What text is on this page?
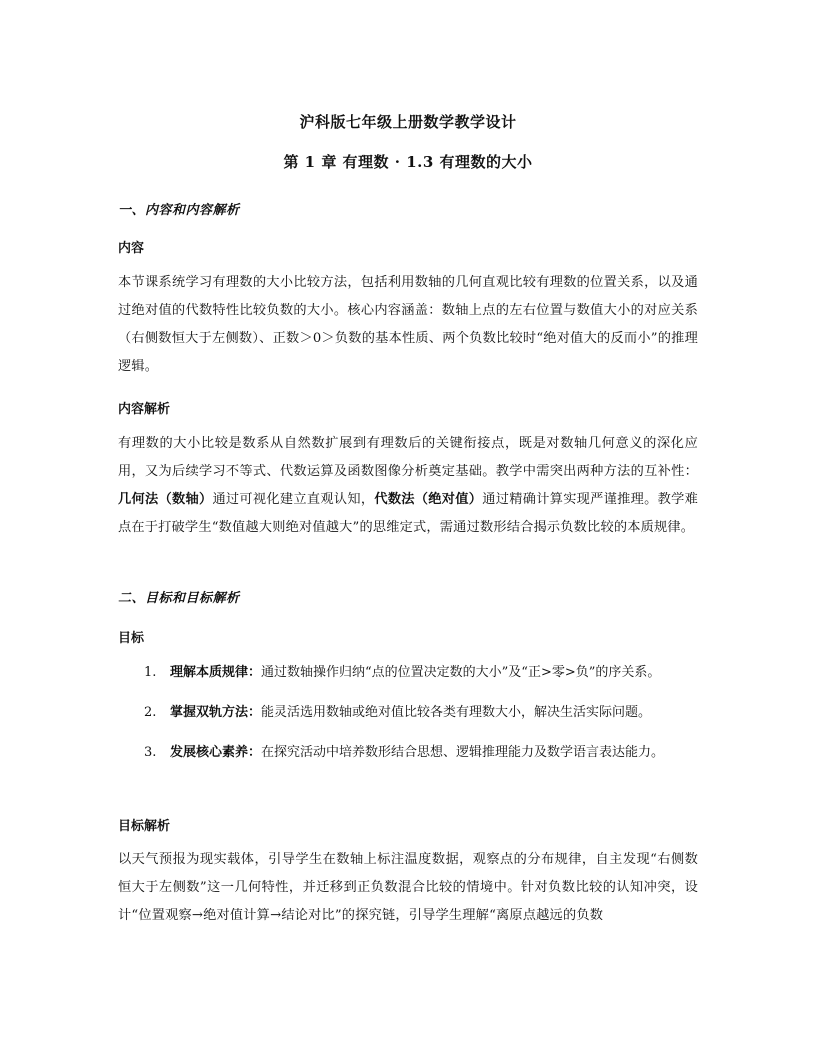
沪科版七年级上册数学教学设计
第 1 章 有理数 · 1.3 有理数的大小
一、内容和内容解析
内容
本节课系统学习有理数的大小比较方法，包括利用数轴的几何直观比较有理数的位置关系，以及通过绝对值的代数特性比较负数的大小。核心内容涵盖：数轴上点的左右位置与数值大小的对应关系（右侧数恒大于左侧数）、正数＞0＞负数的基本性质、两个负数比较时“绝对值大的反而小”的推理逻辑。
内容解析
有理数的大小比较是数系从自然数扩展到有理数后的关键衔接点，既是对数轴几何意义的深化应用，又为后续学习不等式、代数运算及函数图像分析奠定基础。教学中需突出两种方法的互补性：几何法（数轴）通过可视化建立直观认知，代数法（绝对值）通过精确计算实现严谨推理。教学难点在于打破学生“数值越大则绝对值越大”的思维定式，需通过数形结合揭示负数比较的本质规律。
二、目标和目标解析
目标
1. 理解本质规律：通过数轴操作归纳“点的位置决定数的大小”及“正>零>负”的序关系。
2. 掌握双轨方法：能灵活选用数轴或绝对值比较各类有理数大小，解决生活实际问题。
3. 发展核心素养：在探究活动中培养数形结合思想、逻辑推理能力及数学语言表达能力。
目标解析
以天气预报为现实载体，引导学生在数轴上标注温度数据，观察点的分布规律，自主发现“右侧数恒大于左侧数”这一几何特性，并迁移到正负数混合比较的情境中。针对负数比较的认知冲突，设计“位置观察→绝对值计算→结论对比”的探究链，引导学生理解“离原点越远的负数
